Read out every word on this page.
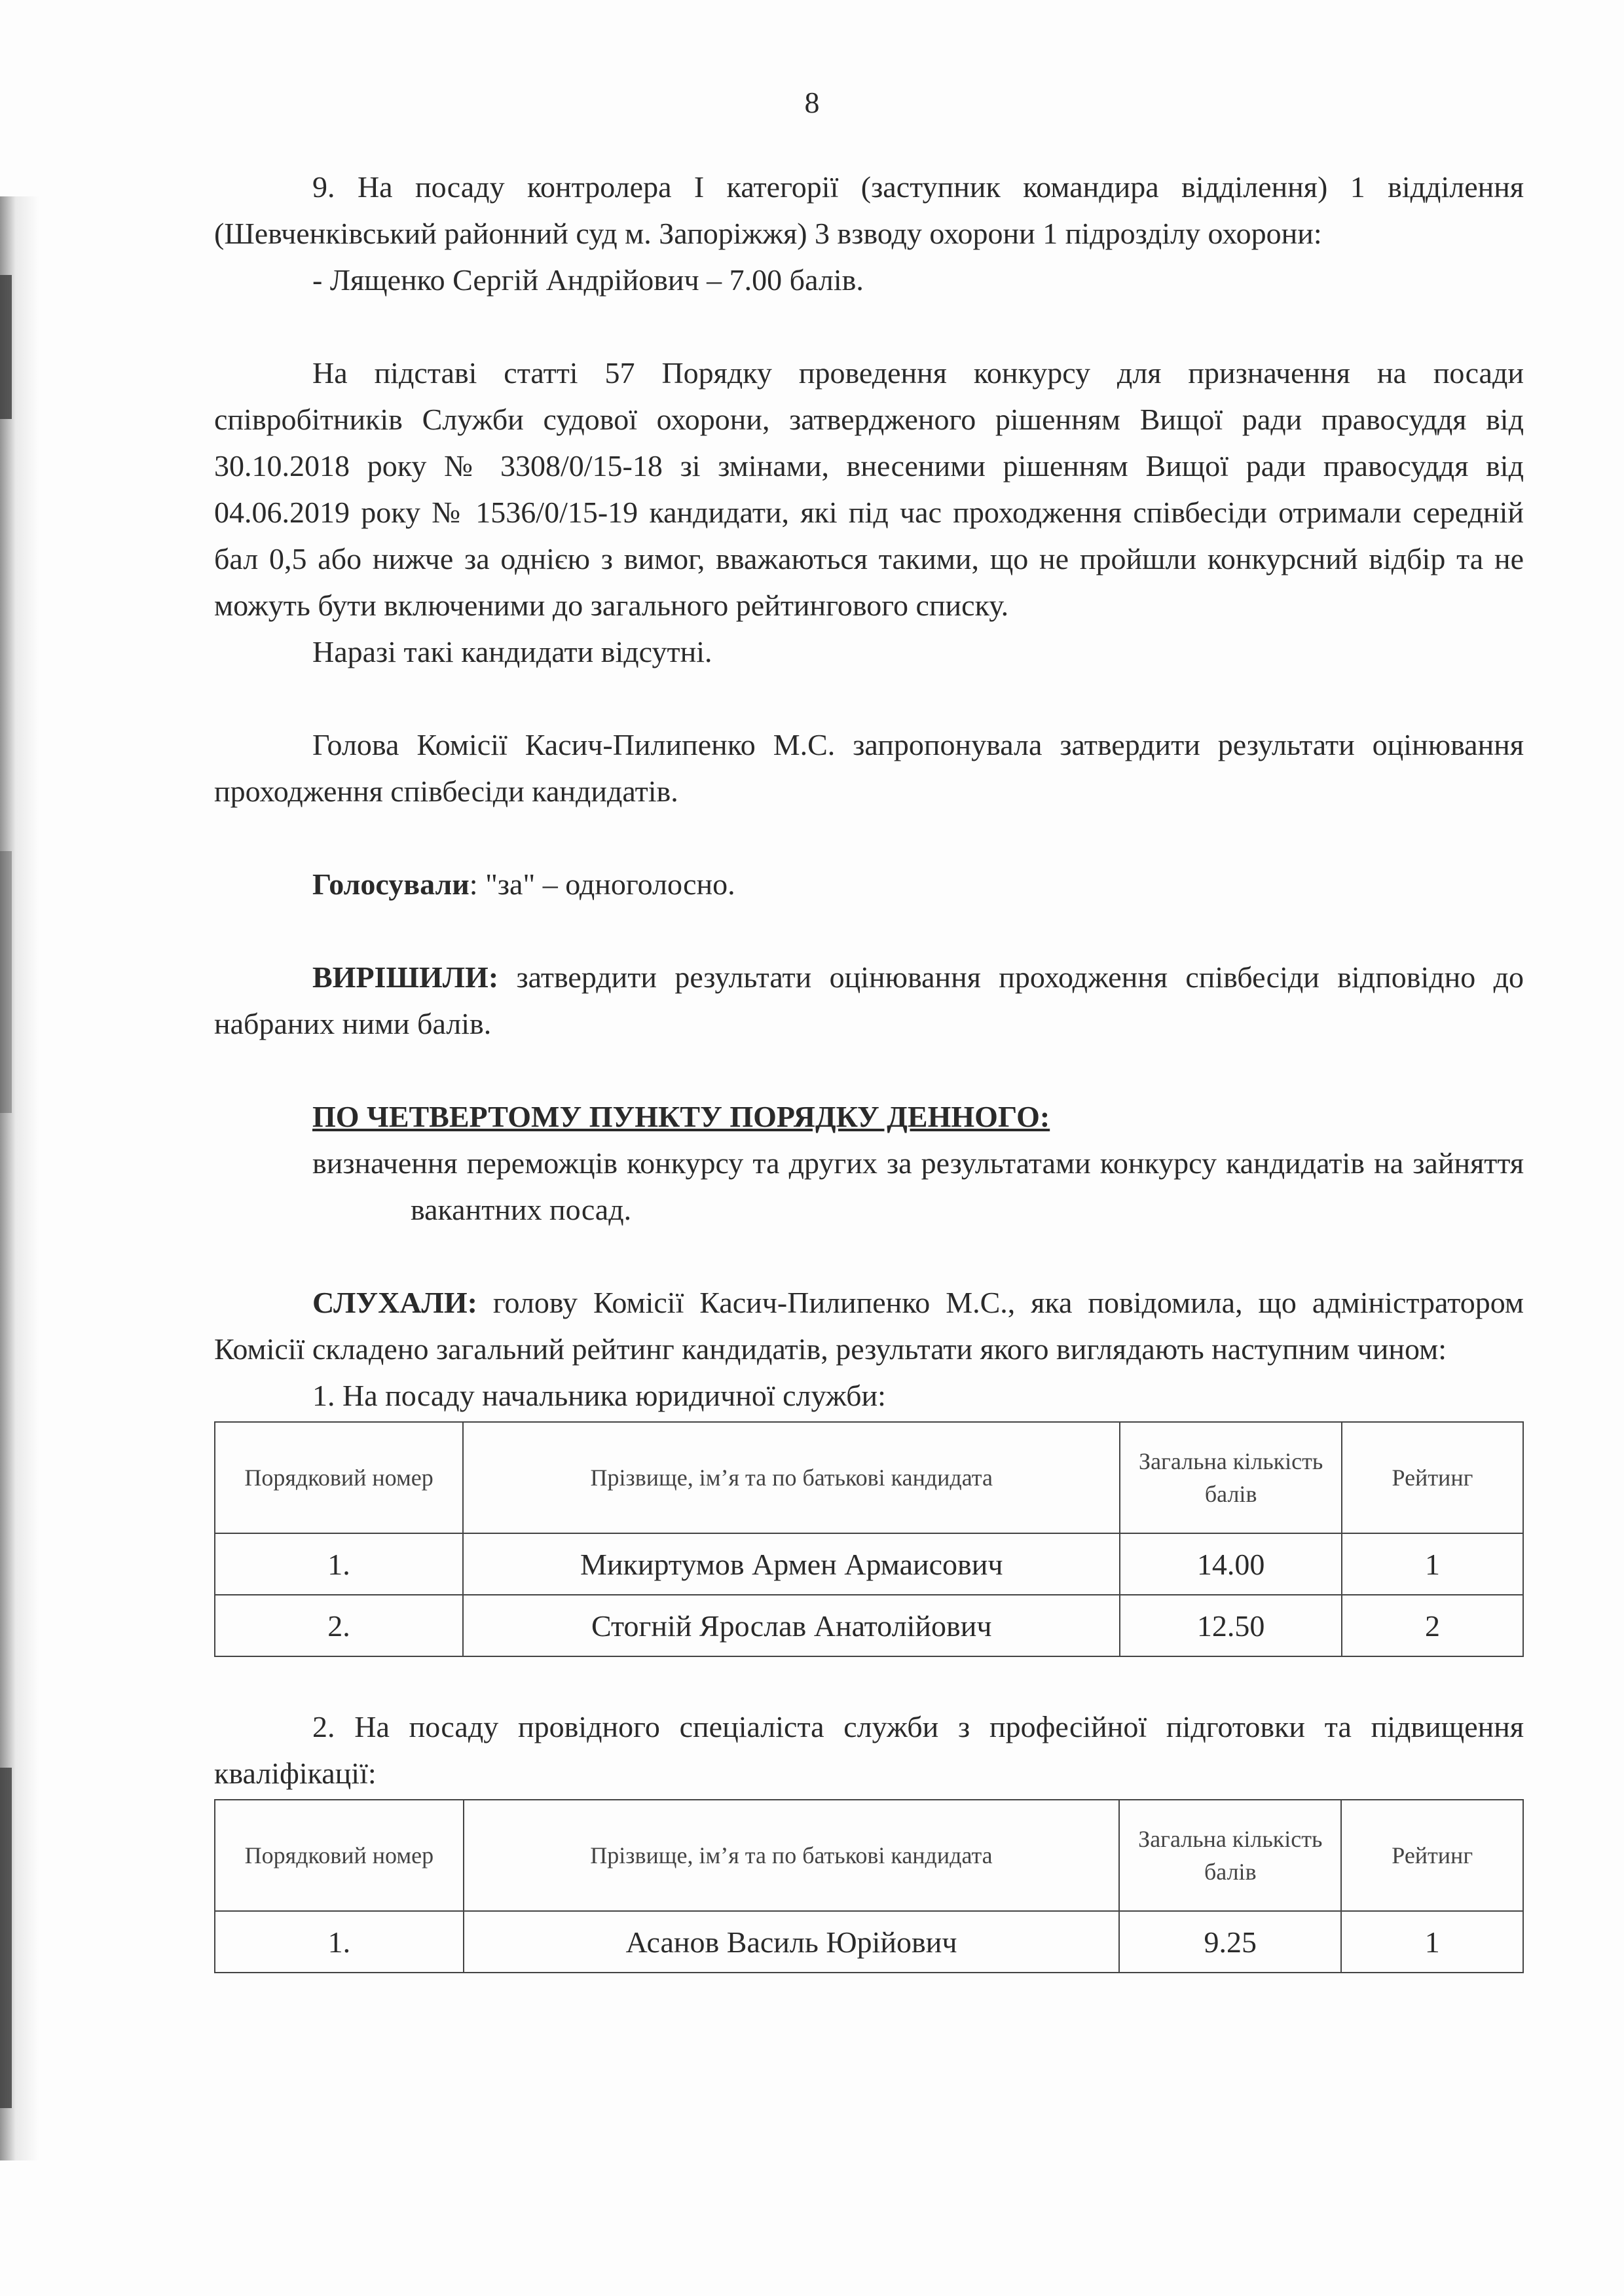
8

9. На посаду контролера І категорії (заступник командира відділення) 1 відділення (Шевченківський районний суд м. Запоріжжя) 3 взводу охорони 1 підрозділу охорони:

- Лященко Сергій Андрійович – 7.00 балів.

На підставі статті 57 Порядку проведення конкурсу для призначення на посади співробітників Служби судової охорони, затвердженого рішенням Вищої ради правосуддя від 30.10.2018 року № 3308/0/15-18 зі змінами, внесеними рішенням Вищої ради правосуддя від 04.06.2019 року № 1536/0/15-19 кандидати, які під час проходження співбесіди отримали середній бал 0,5 або нижче за однією з вимог, вважаються такими, що не пройшли конкурсний відбір та не можуть бути включеними до загального рейтингового списку.

Наразі такі кандидати відсутні.

Голова Комісії Касич-Пилипенко М.С. запропонувала затвердити результати оцінювання проходження співбесіди кандидатів.

Голосували: "за" – одноголосно.

ВИРІШИЛИ: затвердити результати оцінювання проходження співбесіди відповідно до набраних ними балів.

ПО ЧЕТВЕРТОМУ ПУНКТУ ПОРЯДКУ ДЕННОГО:

визначення переможців конкурсу та других за результатами конкурсу кандидатів на зайняття вакантних посад.

СЛУХАЛИ: голову Комісії Касич-Пилипенко М.С., яка повідомила, що адміністратором Комісії складено загальний рейтинг кандидатів, результати якого виглядають наступним чином:

1. На посаду начальника юридичної служби:

Порядковий номер	Прізвище, ім’я та по батькові кандидата	Загальна кількість балів	Рейтинг
1.	Микиртумов Армен Армаисович	14.00	1
2.	Стогній Ярослав Анатолійович	12.50	2

2. На посаду провідного спеціаліста служби з професійної підготовки та підвищення кваліфікації:

Порядковий номер	Прізвище, ім’я та по батькові кандидата	Загальна кількість балів	Рейтинг
1.	Асанов Василь Юрійович	9.25	1
